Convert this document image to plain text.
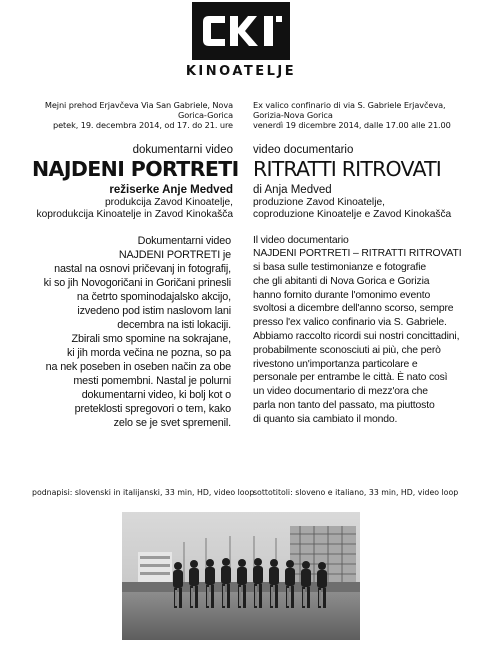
KINOATELJE
Mejni prehod Erjavčeva Via San Gabriele, Nova Gorica-Gorica
petek, 19. decembra 2014, od 17. do 21. ure
dokumentarni video
NAJDENI PORTRETI
režiserke Anje Medved
produkcija Zavod Kinoatelje,
koprodukcija Kinoatelje in Zavod Kinokašča
Dokumentarni video
NAJDENI PORTRETI je
nastal na osnovi pričevanj in fotografij,
ki so jih Novogoričani in Goričani prinesli
na četrto spominodajalsko akcijo,
izvedeno pod istim naslovom lani
decembra na isti lokaciji.
Zbirali smo spomine na sokrajane,
ki jih morda večina ne pozna, so pa
na nek poseben in oseben način za obe
mesti pomembni. Nastal je polurni
dokumentarni video, ki bolj kot o
preteklosti spregovori o tem, kako
zelo se je svet spremenil.
Ex valico confinario di via S. Gabriele Erjavčeva, Gorizia-Nova Gorica
venerdì 19 dicembre 2014, dalle 17.00 alle 21.00
video documentario
RITRATTI RITROVATI
di Anja Medved
produzione Zavod Kinoatelje,
coproduzione Kinoatelje e Zavod Kinokašča
Il video documentario
NAJDENI PORTRETI – RITRATTI RITROVATI
si basa sulle testimonianze e fotografie
che gli abitanti di Nova Gorica e Gorizia
hanno fornito durante l'omonimo evento
svoltosi a dicembre dell'anno scorso, sempre
presso l'ex valico confinario via S. Gabriele.
Abbiamo raccolto ricordi sui nostri concittadini,
probabilmente sconosciuti ai più, che però
rivestono un'importanza particolare e
personale per entrambe le città. È nato così
un video documentario di mezz'ora che
parla non tanto del passato, ma piuttosto
di quanto sia cambiato il mondo.
podnapisi: slovenski in italijanski, 33 min, HD, video loop
sottotitoli: sloveno e italiano, 33 min, HD, video loop
